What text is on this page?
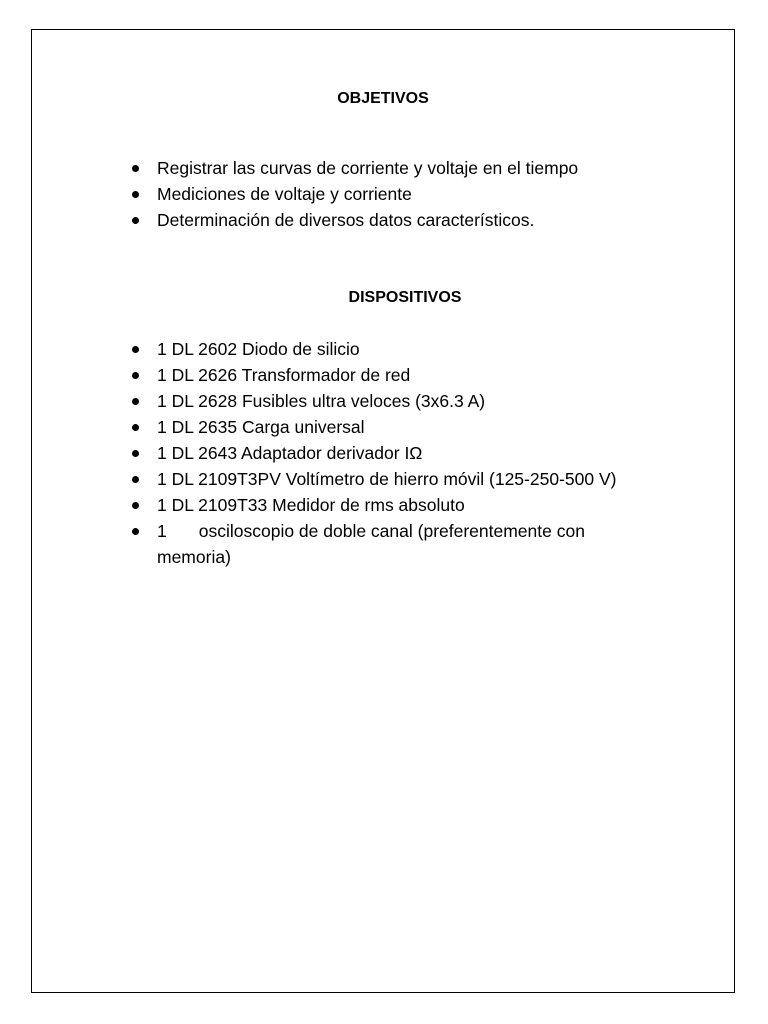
OBJETIVOS
Registrar las curvas de corriente y voltaje en el tiempo
Mediciones de voltaje y corriente
Determinación de diversos datos característicos.
DISPOSITIVOS
1 DL 2602 Diodo de silicio
1 DL 2626 Transformador de red
1 DL 2628 Fusibles ultra veloces (3x6.3 A)
1 DL 2635 Carga universal
1 DL 2643 Adaptador derivador IΩ
1 DL 2109T3PV Voltímetro de hierro móvil (125-250-500 V)
1 DL 2109T33 Medidor de rms absoluto
1 osciloscopio de doble canal (preferentemente con memoria)
